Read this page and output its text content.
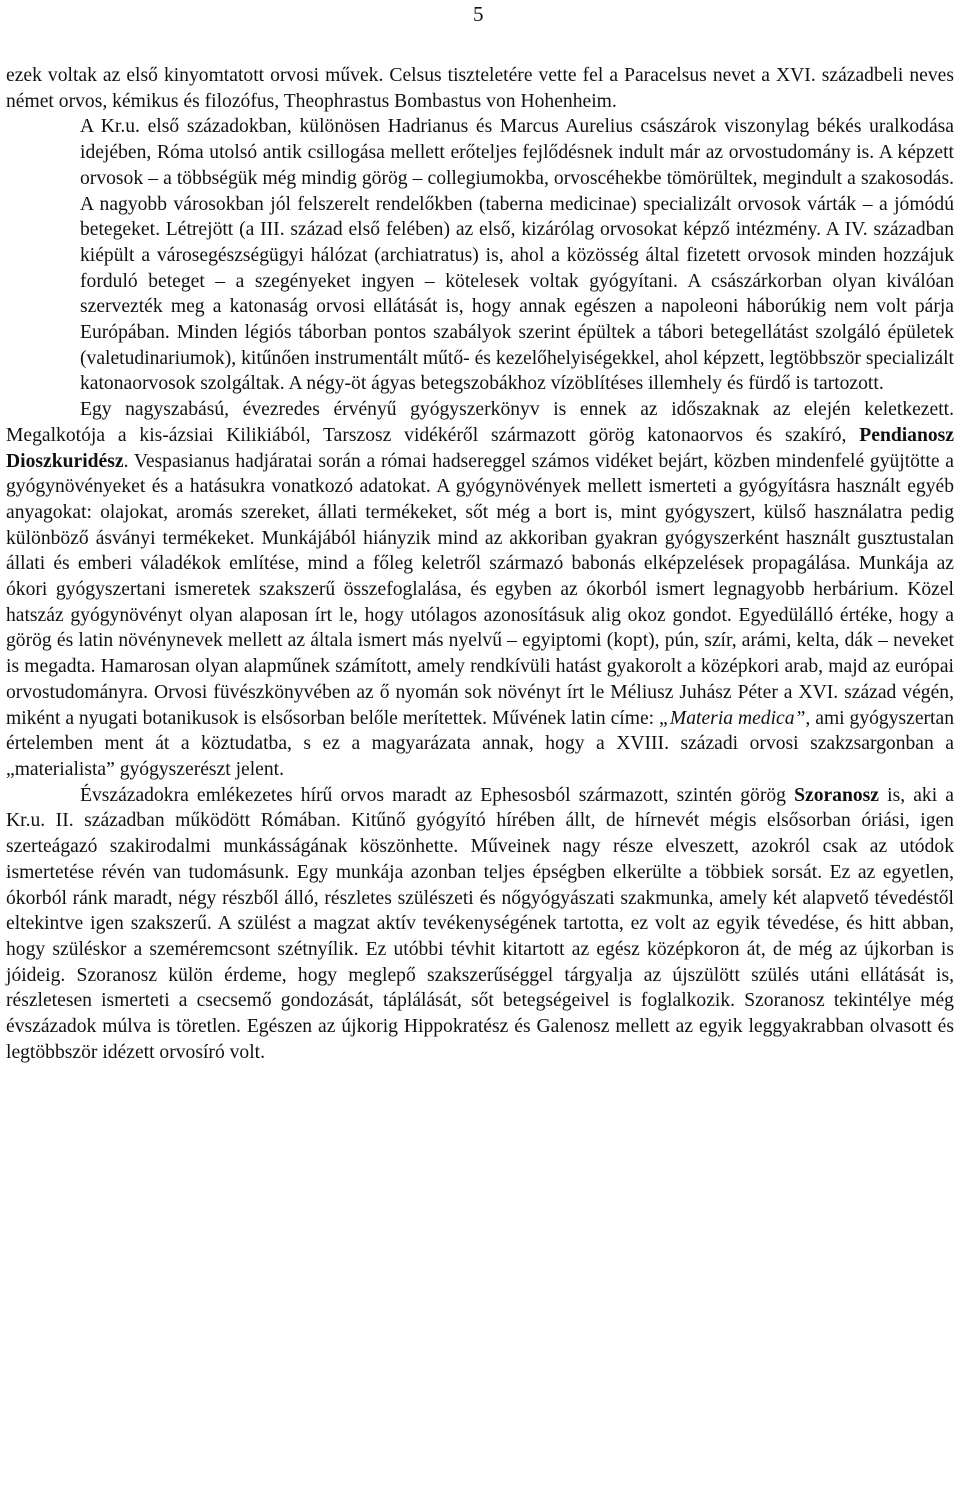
5

ezek voltak az első kinyomtatott orvosi művek. Celsus tiszteletére vette fel a Paracelsus nevet a XVI. századbeli neves német orvos, kémikus és filozófus, Theophrastus Bombastus von Hohenheim.

A Kr.u. első századokban, különösen Hadrianus és Marcus Aurelius császárok viszonylag békés uralkodása idejében, Róma utolsó antik csillogása mellett erőteljes fejlődésnek indult már az orvostudomány is. A képzett orvosok – a többségük még mindig görög – collegiumokba, orvoscéhekbe tömörültek, megindult a szakosodás. A nagyobb városokban jól felszerelt rendelőkben (taberna medicinae) specializált orvosok várták – a jómódú betegeket. Létrejött (a III. század első felében) az első, kizárólag orvosokat képző intézmény. A IV. században kiépült a városegészségügyi hálózat (archiatratus) is, ahol a közösség által fizetett orvosok minden hozzájuk forduló beteget – a szegényeket ingyen – kötelesek voltak gyógyítani. A császárkorban olyan kiválóan szervezték meg a katonaság orvosi ellátását is, hogy annak egészen a napoleoni háborúkig nem volt párja Európában. Minden légiós táborban pontos szabályok szerint épültek a tábori betegellátást szolgáló épületek (valetudinariumok), kitűnően instrumentált műtő- és kezelőhelyiségekkel, ahol képzett, legtöbbször specializált katonaorvosok szolgáltak. A négy-öt ágyas betegszobákhoz vízöblítéses illemhely és fürdő is tartozott.

Egy nagyszabású, évezredes érvényű gyógyszerkönyv is ennek az időszaknak az elején keletkezett. Megalkotója a kis-ázsiai Kilikiából, Tarszosz vidékéről származott görög katonaorvos és szakíró, Pendianosz Dioszkuridész. Vespasianus hadjáratai során a római hadsereggel számos vidéket bejárt, közben mindenfelé gyüjtötte a gyógynövényeket és a hatásukra vonatkozó adatokat. A gyógynövények mellett ismerteti a gyógyításra használt egyéb anyagokat: olajokat, aromás szereket, állati termékeket, sőt még a bort is, mint gyógyszert, külső használatra pedig különböző ásványi termékeket. Munkájából hiányzik mind az akkoriban gyakran gyógyszerként használt gusztustalan állati és emberi váladékok említése, mind a főleg keletről származó babonás elképzelések propagálása. Munkája az ókori gyógyszertani ismeretek szakszerű összefoglalása, és egyben az ókorból ismert legnagyobb herbárium. Közel hatszáz gyógynövényt olyan alaposan írt le, hogy utólagos azonosításuk alig okoz gondot. Egyedülálló értéke, hogy a görög és latin növénynevek mellett az általa ismert más nyelvű – egyiptomi (kopt), pún, szír, arámi, kelta, dák – neveket is megadta. Hamarosan olyan alapműnek számított, amely rendkívüli hatást gyakorolt a középkori arab, majd az európai orvostudományra. Orvosi füvészkönyvében az ő nyomán sok növényt írt le Méliusz Juhász Péter a XVI. század végén, miként a nyugati botanikusok is elsősorban belőle merítettek. Művének latin címe: „Materia medica”, ami gyógyszertan értelemben ment át a köztudatba, s ez a magyarázata annak, hogy a XVIII. századi orvosi szakzsargonban a „materialista” gyógyszerészt jelent.

Évszázadokra emlékezetes hírű orvos maradt az Ephesosból származott, szintén görög Szoranosz is, aki a Kr.u. II. században működött Rómában. Kitűnő gyógyító hírében állt, de hírnevét mégis elsősorban óriási, igen szerteágazó szakirodalmi munkásságának köszönhette. Műveinek nagy része elveszett, azokról csak az utódok ismertetése révén van tudomásunk. Egy munkája azonban teljes épségben elkerülte a többiek sorsát. Ez az egyetlen, ókorból ránk maradt, négy részből álló, részletes szülészeti és nőgyógyászati szakmunka, amely két alapvető tévedéstől eltekintve igen szakszerű. A szülést a magzat aktív tevékenységének tartotta, ez volt az egyik tévedése, és hitt abban, hogy szüléskor a szeméremcsont szétnyílik. Ez utóbbi tévhit kitartott az egész középkoron át, de még az újkorban is jóideig. Szoranosz külön érdeme, hogy meglepő szakszerűséggel tárgyalja az újszülött szülés utáni ellátását is, részletesen ismerteti a csecsemő gondozását, táplálását, sőt betegségeivel is foglalkozik. Szoranosz tekintélye még évszázadok múlva is töretlen. Egészen az újkorig Hippokratész és Galenosz mellett az egyik leggyakrabban olvasott és legtöbbször idézett orvosíró volt.
